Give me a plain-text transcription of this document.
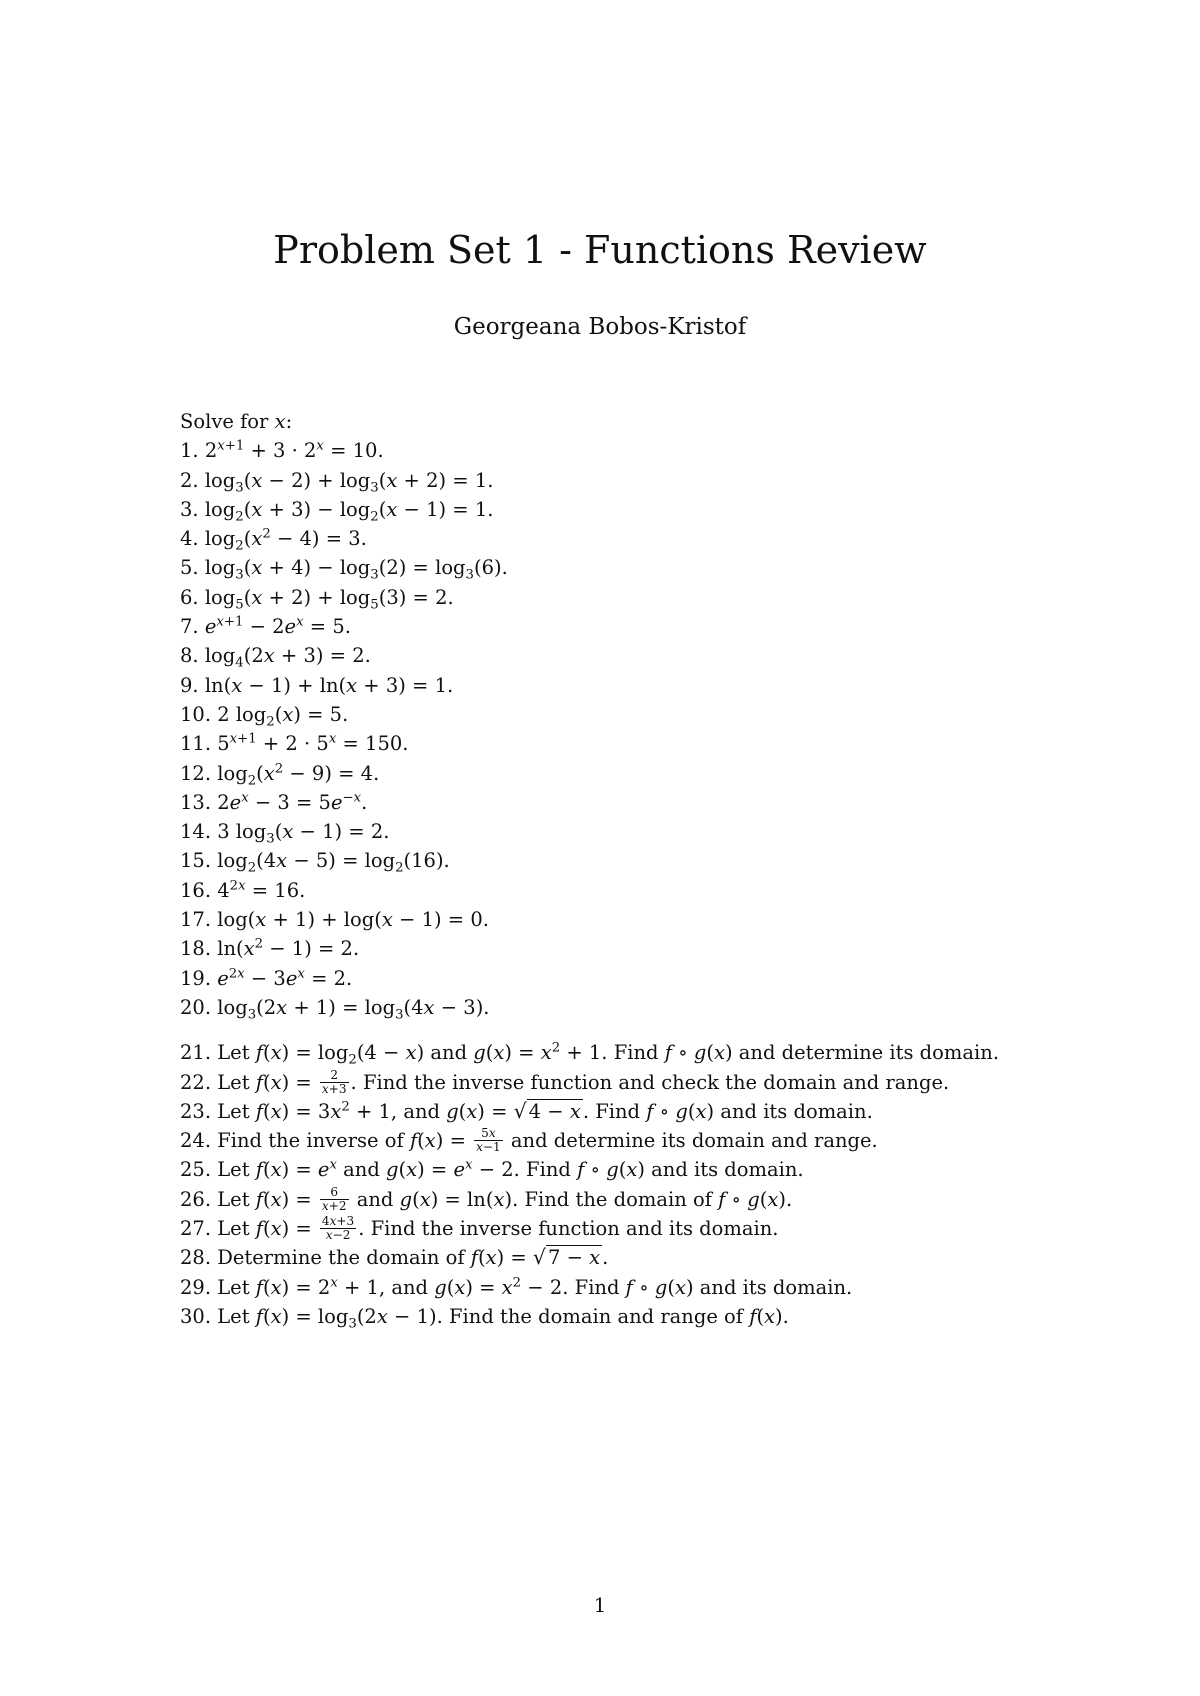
Problem Set 1 - Functions Review
Georgeana Bobos-Kristof
Solve for x:
1. $2^{x+1} + 3 \cdot 2^x = 10$.
2. $\log_3(x - 2) + \log_3(x + 2) = 1$.
3. $\log_2(x + 3) - \log_2(x - 1) = 1$.
4. $\log_2(x^2 - 4) = 3$.
5. $\log_3(x + 4) - \log_3(2) = \log_3(6)$.
6. $\log_5(x + 2) + \log_5(3) = 2$.
7. $e^{x+1} - 2e^x = 5$.
8. $\log_4(2x + 3) = 2$.
9. ln(x − 1) + ln(x + 3) = 1.
10. 2 $\log_2(x) = 5$.
11. $5^{x+1} + 2 \cdot 5^x = 150$.
12. $\log_2(x^2 - 9) = 4$.
13. $2e^x - 3 = 5e^{-x}$.
14. 3 $\log_3(x - 1) = 2$.
15. $\log_2(4x - 5) = \log_2(16)$.
16. $4^{2x} = 16$.
17. log(x + 1) + log(x − 1) = 0.
18. $\ln(x^2 - 1) = 2$.
19. $e^{2x} - 3e^x = 2$.
20. $\log_3(2x + 1) = \log_3(4x - 3)$.
21. Let $f(x) = \log_2(4 - x)$ and $g(x) = x^2 + 1$. Find f ∘ g(x) and determine its domain.
22. Let $f(x) = \frac{2}{x+3}$ . Find the inverse function and check the domain and range.
23. Let $f(x) = 3x^2 + 1$, and g(x) = √ 4 − x . Find f ∘ g(x) and its domain.
24. Find the inverse of $f(x) = \frac{5x}{x-1}$ and determine its domain and range.
25. Let $f(x) = e^x$ and $g(x) = e^x - 2$. Find f ∘ g(x) and its domain.
26. Let $f(x) = \frac{6}{x+2}$ and g(x) = ln(x). Find the domain of f ∘ g(x).
27. Let $f(x) = \frac{4x+3}{x-2}$ . Find the inverse function and its domain.
28. Determine the domain of f(x) = √ 7 − x .
29. Let $f(x) = 2^x + 1$, and $g(x) = x^2 - 2$. Find f ∘ g(x) and its domain.
30. Let $f(x) = \log_3(2x - 1)$. Find the domain and range of f(x).
1
